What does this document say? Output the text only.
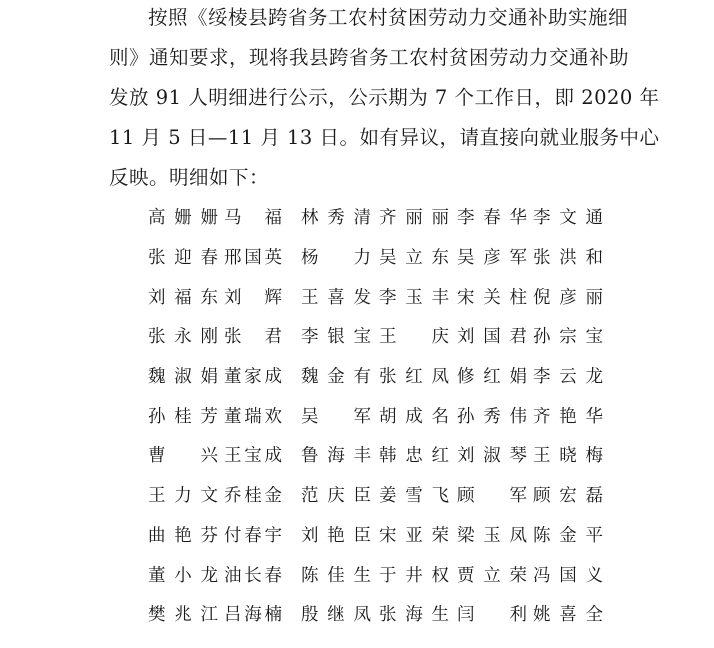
按照《绥棱县跨省务工农村贫困劳动力交通补助实施细
则》通知要求，现将我县跨省务工农村贫困劳动力交通补助
发放 91 人明细进行公示，公示期为 7 个工作日，即 2020 年
11 月 5 日—11 月 13 日。如有异议，请直接向就业服务中心
反映。明细如下：
高姗姗 马福 林秀清 齐丽丽 李春华 李文通
张迎春 邢国英 杨力 吴立东 吴彦军 张洪和
刘福东 刘辉 王喜发 李玉丰 宋关柱 倪彦丽
张永刚 张君 李银宝 王庆 刘国君 孙宗宝
魏淑娟 董家成 魏金有 张红凤 修红娟 李云龙
孙桂芳 董瑞欢 吴军 胡成名 孙秀伟 齐艳华
曹兴 王宝成 鲁海丰 韩忠红 刘淑琴 王晓梅
王力文 乔桂金 范庆臣 姜雪飞 顾军 顾宏磊
曲艳芬 付春宇 刘艳臣 宋亚荣 梁玉凤 陈金平
董小龙 油长春 陈佳生 于井权 贾立荣 冯国义
樊兆江 吕海楠 殷继凤 张海生 闫利 姚喜全
